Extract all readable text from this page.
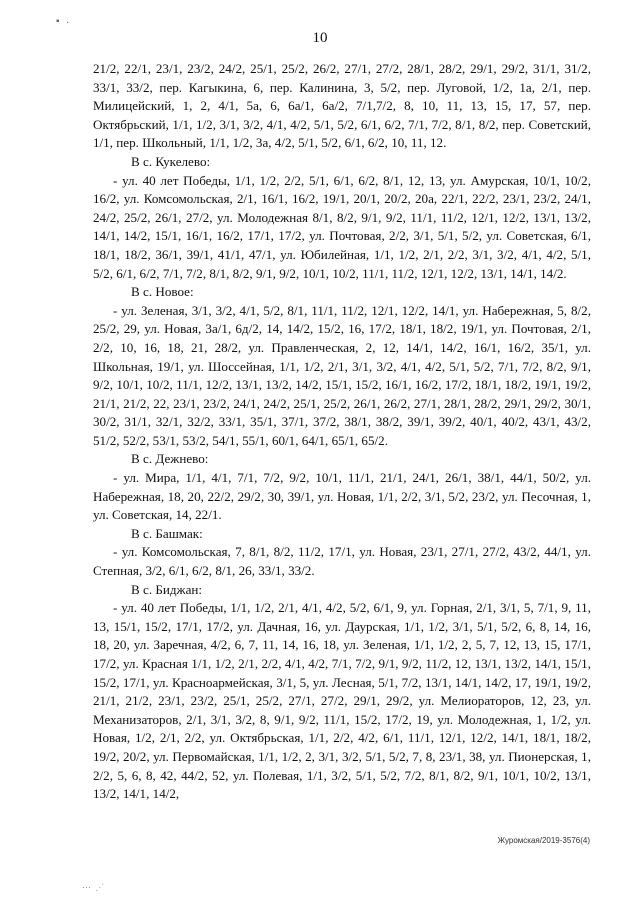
10

21/2, 22/1, 23/1, 23/2, 24/2, 25/1, 25/2, 26/2, 27/1, 27/2, 28/1, 28/2, 29/1, 29/2, 31/1, 31/2, 33/1, 33/2, пер. Кагыкина, 6, пер. Калинина, 3, 5/2, пер. Луговой, 1/2, 1а, 2/1, пер. Милицейский, 1, 2, 4/1, 5а, 6, 6а/1, 6а/2, 7/1,7/2, 8, 10, 11, 13, 15, 17, 57, пер. Октябрьский, 1/1, 1/2, 3/1, 3/2, 4/1, 4/2, 5/1, 5/2, 6/1, 6/2, 7/1, 7/2, 8/1, 8/2, пер. Советский, 1/1, пер. Школьный, 1/1, 1/2, 3а, 4/2, 5/1, 5/2, 6/1, 6/2, 10, 11, 12.

В с. Кукелево:

- ул. 40 лет Победы, 1/1, 1/2, 2/2, 5/1, 6/1, 6/2, 8/1, 12, 13, ул. Амурская, 10/1, 10/2, 16/2, ул. Комсомольская, 2/1, 16/1, 16/2, 19/1, 20/1, 20/2, 20а, 22/1, 22/2, 23/1, 23/2, 24/1, 24/2, 25/2, 26/1, 27/2, ул. Молодежная 8/1, 8/2, 9/1, 9/2, 11/1, 11/2, 12/1, 12/2, 13/1, 13/2, 14/1, 14/2, 15/1, 16/1, 16/2, 17/1, 17/2, ул. Почтовая, 2/2, 3/1, 5/1, 5/2, ул. Советская, 6/1, 18/1, 18/2, 36/1, 39/1, 41/1, 47/1, ул. Юбилейная, 1/1, 1/2, 2/1, 2/2, 3/1, 3/2, 4/1, 4/2, 5/1, 5/2, 6/1, 6/2, 7/1, 7/2, 8/1, 8/2, 9/1, 9/2, 10/1, 10/2, 11/1, 11/2, 12/1, 12/2, 13/1, 14/1, 14/2.

В с. Новое:

- ул. Зеленая, 3/1, 3/2, 4/1, 5/2, 8/1, 11/1, 11/2, 12/1, 12/2, 14/1, ул. Набережная, 5, 8/2, 25/2, 29, ул. Новая, 3а/1, 6д/2, 14, 14/2, 15/2, 16, 17/2, 18/1, 18/2, 19/1, ул. Почтовая, 2/1, 2/2, 10, 16, 18, 21, 28/2, ул. Правленческая, 2, 12, 14/1, 14/2, 16/1, 16/2, 35/1, ул. Школьная, 19/1, ул. Шоссейная, 1/1, 1/2, 2/1, 3/1, 3/2, 4/1, 4/2, 5/1, 5/2, 7/1, 7/2, 8/2, 9/1, 9/2, 10/1, 10/2, 11/1, 12/2, 13/1, 13/2, 14/2, 15/1, 15/2, 16/1, 16/2, 17/2, 18/1, 18/2, 19/1, 19/2, 21/1, 21/2, 22, 23/1, 23/2, 24/1, 24/2, 25/1, 25/2, 26/1, 26/2, 27/1, 28/1, 28/2, 29/1, 29/2, 30/1, 30/2, 31/1, 32/1, 32/2, 33/1, 35/1, 37/1, 37/2, 38/1, 38/2, 39/1, 39/2, 40/1, 40/2, 43/1, 43/2, 51/2, 52/2, 53/1, 53/2, 54/1, 55/1, 60/1, 64/1, 65/1, 65/2.

В с. Дежнево:

- ул. Мира, 1/1, 4/1, 7/1, 7/2, 9/2, 10/1, 11/1, 21/1, 24/1, 26/1, 38/1, 44/1, 50/2, ул. Набережная, 18, 20, 22/2, 29/2, 30, 39/1, ул. Новая, 1/1, 2/2, 3/1, 5/2, 23/2, ул. Песочная, 1, ул. Советская, 14, 22/1.

В с. Башмак:

- ул. Комсомольская, 7, 8/1, 8/2, 11/2, 17/1, ул. Новая, 23/1, 27/1, 27/2, 43/2, 44/1, ул. Степная, 3/2, 6/1, 6/2, 8/1, 26, 33/1, 33/2.

В с. Биджан:

- ул. 40 лет Победы, 1/1, 1/2, 2/1, 4/1, 4/2, 5/2, 6/1, 9, ул. Горная, 2/1, 3/1, 5, 7/1, 9, 11, 13, 15/1, 15/2, 17/1, 17/2, ул. Дачная, 16, ул. Даурская, 1/1, 1/2, 3/1, 5/1, 5/2, 6, 8, 14, 16, 18, 20, ул. Заречная, 4/2, 6, 7, 11, 14, 16, 18, ул. Зеленая, 1/1, 1/2, 2, 5, 7, 12, 13, 15, 17/1, 17/2, ул. Красная 1/1, 1/2, 2/1, 2/2, 4/1, 4/2, 7/1, 7/2, 9/1, 9/2, 11/2, 12, 13/1, 13/2, 14/1, 15/1, 15/2, 17/1, ул. Красноармейская, 3/1, 5, ул. Лесная, 5/1, 7/2, 13/1, 14/1, 14/2, 17, 19/1, 19/2, 21/1, 21/2, 23/1, 23/2, 25/1, 25/2, 27/1, 27/2, 29/1, 29/2, ул. Мелиораторов, 12, 23, ул. Механизаторов, 2/1, 3/1, 3/2, 8, 9/1, 9/2, 11/1, 15/2, 17/2, 19, ул. Молодежная, 1, 1/2, ул. Новая, 1/2, 2/1, 2/2, ул. Октябрьская, 1/1, 2/2, 4/2, 6/1, 11/1, 12/1, 12/2, 14/1, 18/1, 18/2, 19/2, 20/2, ул. Первомайская, 1/1, 1/2, 2, 3/1, 3/2, 5/1, 5/2, 7, 8, 23/1, 38, ул. Пионерская, 1, 2/2, 5, 6, 8, 42, 44/2, 52, ул. Полевая, 1/1, 3/2, 5/1, 5/2, 7/2, 8/1, 8/2, 9/1, 10/1, 10/2, 13/1, 13/2, 14/1, 14/2,

▪ ·
⋯ ⋰
Журомская/2019-3576(4)
